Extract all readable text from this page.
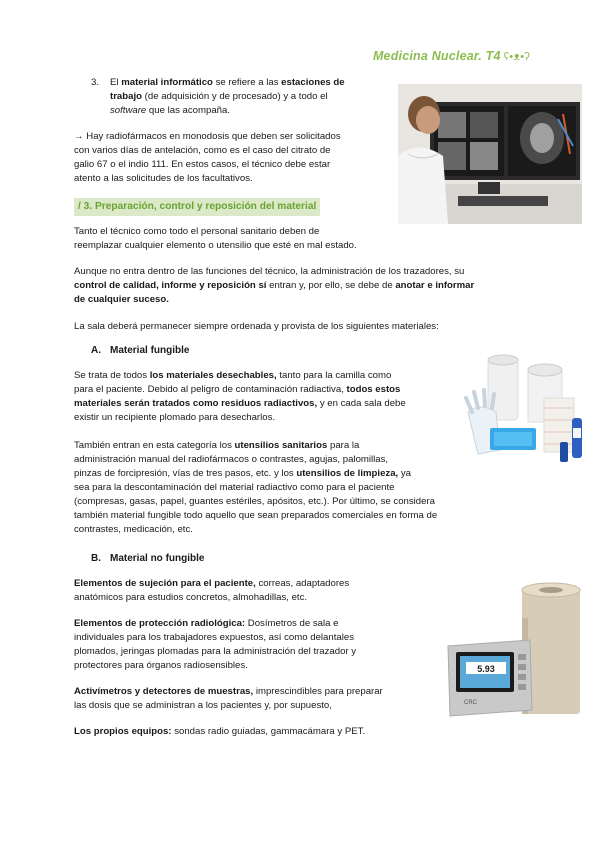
Medicina Nuclear. T4 ʕ•ᴥ•ʔ
3. El material informático se refiere a las estaciones de
trabajo (de adquisición y de procesado) y a todo el
software que las acompaña.
→ Hay radiofármacos en monodosis que deben ser solicitados
con varios días de antelación, como es el caso del citrato de
galio 67 o el indio 111. En estos casos, el técnico debe estar
atento a las solicitudes de los facultativos.
/ 3. Preparación, control y reposición del material
Tanto el técnico como todo el personal sanitario deben de
reemplazar cualquier elemento o utensilio que esté en mal estado.
Aunque no entra dentro de las funciones del técnico, la administración de los trazadores, su
control de calidad, informe y reposición sí entran y, por ello, se debe de anotar e informar
de cualquier suceso.
La sala deberá permanecer siempre ordenada y provista de los siguientes materiales:
A. Material fungible
Se trata de todos los materiales desechables, tanto para la camilla como
para el paciente. Debido al peligro de contaminación radiactiva, todos estos
materiales serán tratados como residuos radiactivos, y en cada sala debe
existir un recipiente plomado para desecharlos.
También entran en esta categoría los utensilios sanitarios para la
administración manual del radiofármacos o contrastes, agujas, palomillas,
pinzas de forcipresión, vías de tres pasos, etc. y los utensilios de limpieza, ya
sea para la descontaminación del material radiactivo como para el paciente
(compresas, gasas, papel, guantes estériles, apósitos, etc.). Por último, se considera
también material fungible todo aquello que sean preparados comerciales en forma de
contrastes, medicación, etc.
B. Material no fungible
Elementos de sujeción para el paciente, correas, adaptadores
anatómicos para estudios concretos, almohadillas, etc.
Elementos de protección radiológica: Dosímetros de sala e
individuales para los trabajadores expuestos, así como delantales
plomados, jeringas plomadas para la administración del trazador y
protectores para órganos radiosensibles.
Activímetros y detectores de muestras, imprescindibles para preparar
las dosis que se administran a los pacientes y, por supuesto,
Los propios equipos: sondas radio guiadas, gammacámara y PET.
5.93
CRC
